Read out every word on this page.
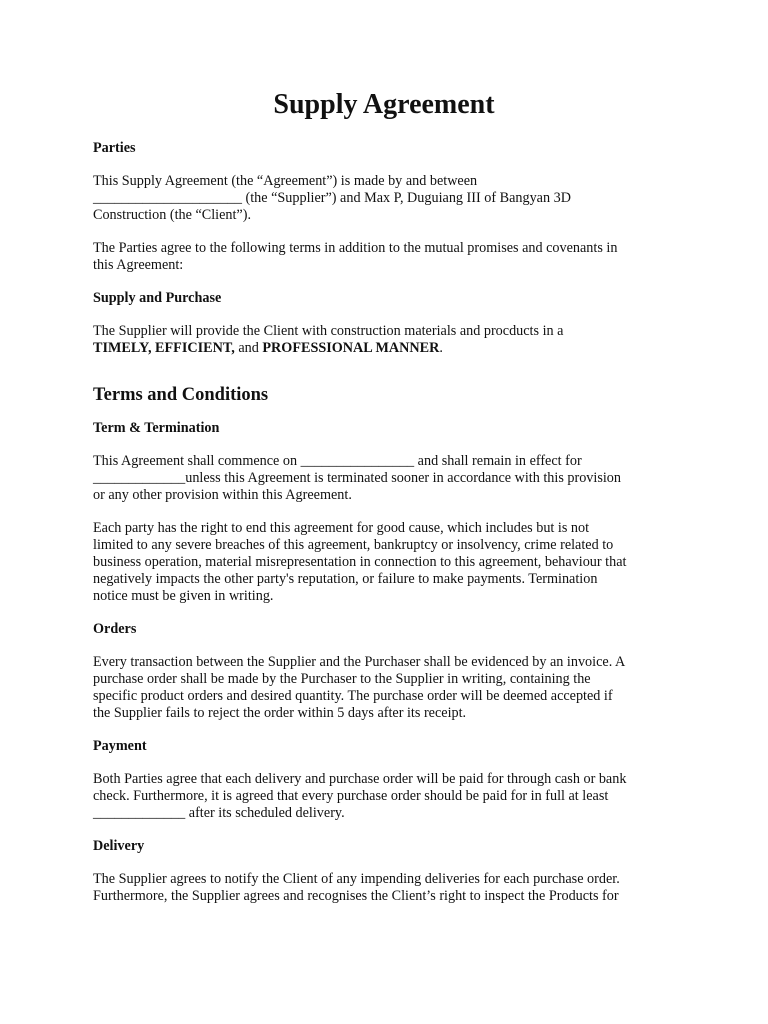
Supply Agreement

Parties

This Supply Agreement (the “Agreement”) is made by and between
_____________________ (the “Supplier”) and Max P, Duguiang III of Bangyan 3D
Construction (the “Client”).

The Parties agree to the following terms in addition to the mutual promises and covenants in
this Agreement:

Supply and Purchase

The Supplier will provide the Client with construction materials and procducts in a
TIMELY, EFFICIENT, and PROFESSIONAL MANNER.

Terms and Conditions

Term & Termination

This Agreement shall commence on ________________ and shall remain in effect for
_____________unless this Agreement is terminated sooner in accordance with this provision
or any other provision within this Agreement.

Each party has the right to end this agreement for good cause, which includes but is not
limited to any severe breaches of this agreement, bankruptcy or insolvency, crime related to
business operation, material misrepresentation in connection to this agreement, behaviour that
negatively impacts the other party's reputation, or failure to make payments. Termination
notice must be given in writing.

Orders

Every transaction between the Supplier and the Purchaser shall be evidenced by an invoice. A
purchase order shall be made by the Purchaser to the Supplier in writing, containing the
specific product orders and desired quantity. The purchase order will be deemed accepted if
the Supplier fails to reject the order within 5 days after its receipt.

Payment

Both Parties agree that each delivery and purchase order will be paid for through cash or bank
check. Furthermore, it is agreed that every purchase order should be paid for in full at least
_____________ after its scheduled delivery.

Delivery

The Supplier agrees to notify the Client of any impending deliveries for each purchase order.
Furthermore, the Supplier agrees and recognises the Client’s right to inspect the Products for
